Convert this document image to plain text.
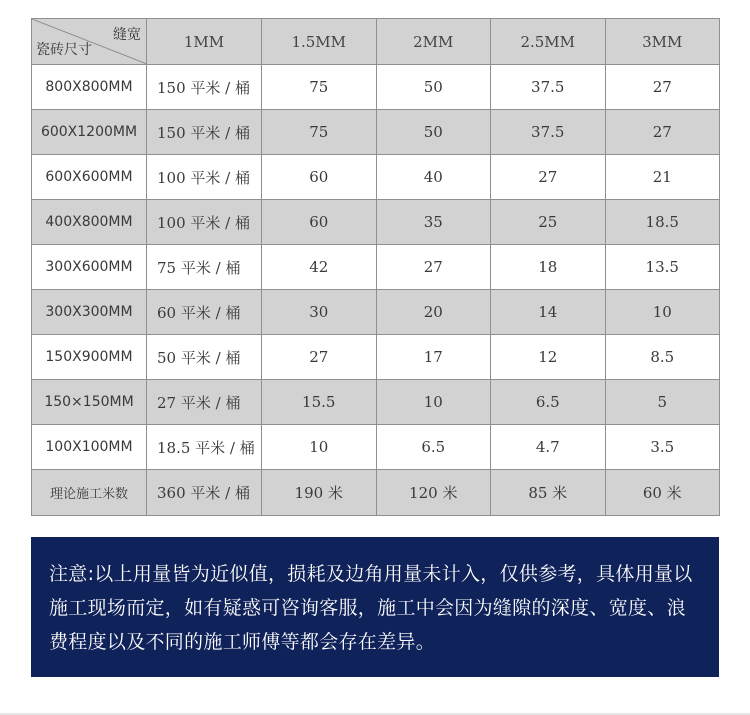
缝宽
瓷砖尺寸	1MM	1.5MM	2MM	2.5MM	3MM
800X800MM	150 平米 / 桶	75	50	37.5	27
600X1200MM	150 平米 / 桶	75	50	37.5	27
600X600MM	100 平米 / 桶	60	40	27	21
400X800MM	100 平米 / 桶	60	35	25	18.5
300X600MM	75 平米 / 桶	42	27	18	13.5
300X300MM	60 平米 / 桶	30	20	14	10
150X900MM	50 平米 / 桶	27	17	12	8.5
150×150MM	27 平米 / 桶	15.5	10	6.5	5
100X100MM	18.5 平米 / 桶	10	6.5	4.7	3.5
理论施工米数	360 平米 / 桶	190 米	120 米	85 米	60 米
注意:以上用量皆为近似值，损耗及边角用量未计入，仅供参考，具体用量以施工现场而定，如有疑惑可咨询客服，施工中会因为缝隙的深度、宽度、浪费程度以及不同的施工师傅等都会存在差异。
